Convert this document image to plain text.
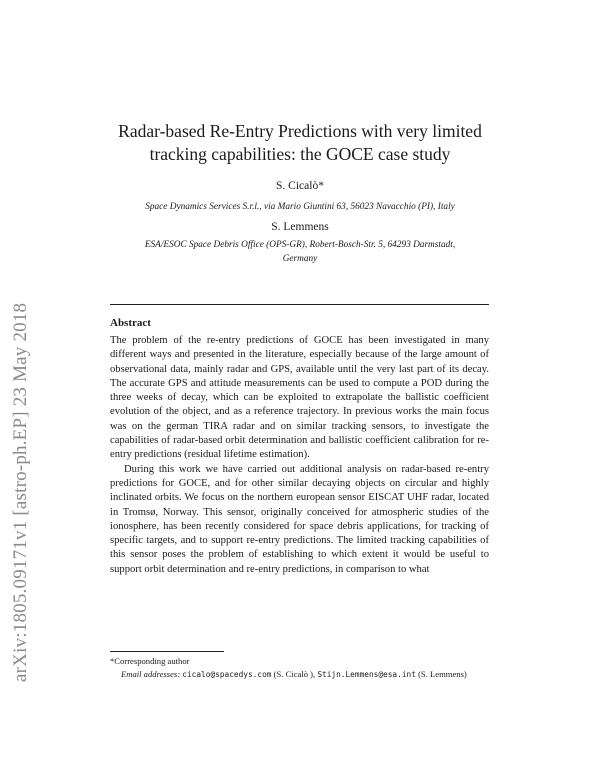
arXiv:1805.09171v1 [astro-ph.EP] 23 May 2018
Radar-based Re-Entry Predictions with very limited
tracking capabilities: the GOCE case study
S. Cicalò*
Space Dynamics Services S.r.l., via Mario Giuntini 63, 56023 Navacchio (PI), Italy
S. Lemmens
ESA/ESOC Space Debris Office (OPS-GR), Robert-Bosch-Str. 5, 64293 Darmstadt,
Germany
Abstract

The problem of the re-entry predictions of GOCE has been investigated in many different ways and presented in the literature, especially because of the large amount of observational data, mainly radar and GPS, available until the very last part of its decay. The accurate GPS and attitude measurements can be used to compute a POD during the three weeks of decay, which can be exploited to extrapolate the ballistic coefficient evolution of the object, and as a reference trajectory. In previous works the main focus was on the german TIRA radar and on similar tracking sensors, to investigate the capabilities of radar-based orbit determination and ballistic coefficient calibration for re-entry predictions (residual lifetime estimation).

During this work we have carried out additional analysis on radar-based re-entry predictions for GOCE, and for other similar decaying objects on circular and highly inclinated orbits. We focus on the northern european sensor EISCAT UHF radar, located in Tromsø, Norway. This sensor, originally conceived for atmospheric studies of the ionosphere, has been recently considered for space debris applications, for tracking of specific targets, and to support re-entry predictions. The limited tracking capabilities of this sensor poses the problem of establishing to which extent it would be useful to support orbit determination and re-entry predictions, in comparison to what

*Corresponding author

Email addresses: cicalo@spacedys.com (S. Cicalò ), Stijn.Lemmens@esa.int (S. Lemmens)
